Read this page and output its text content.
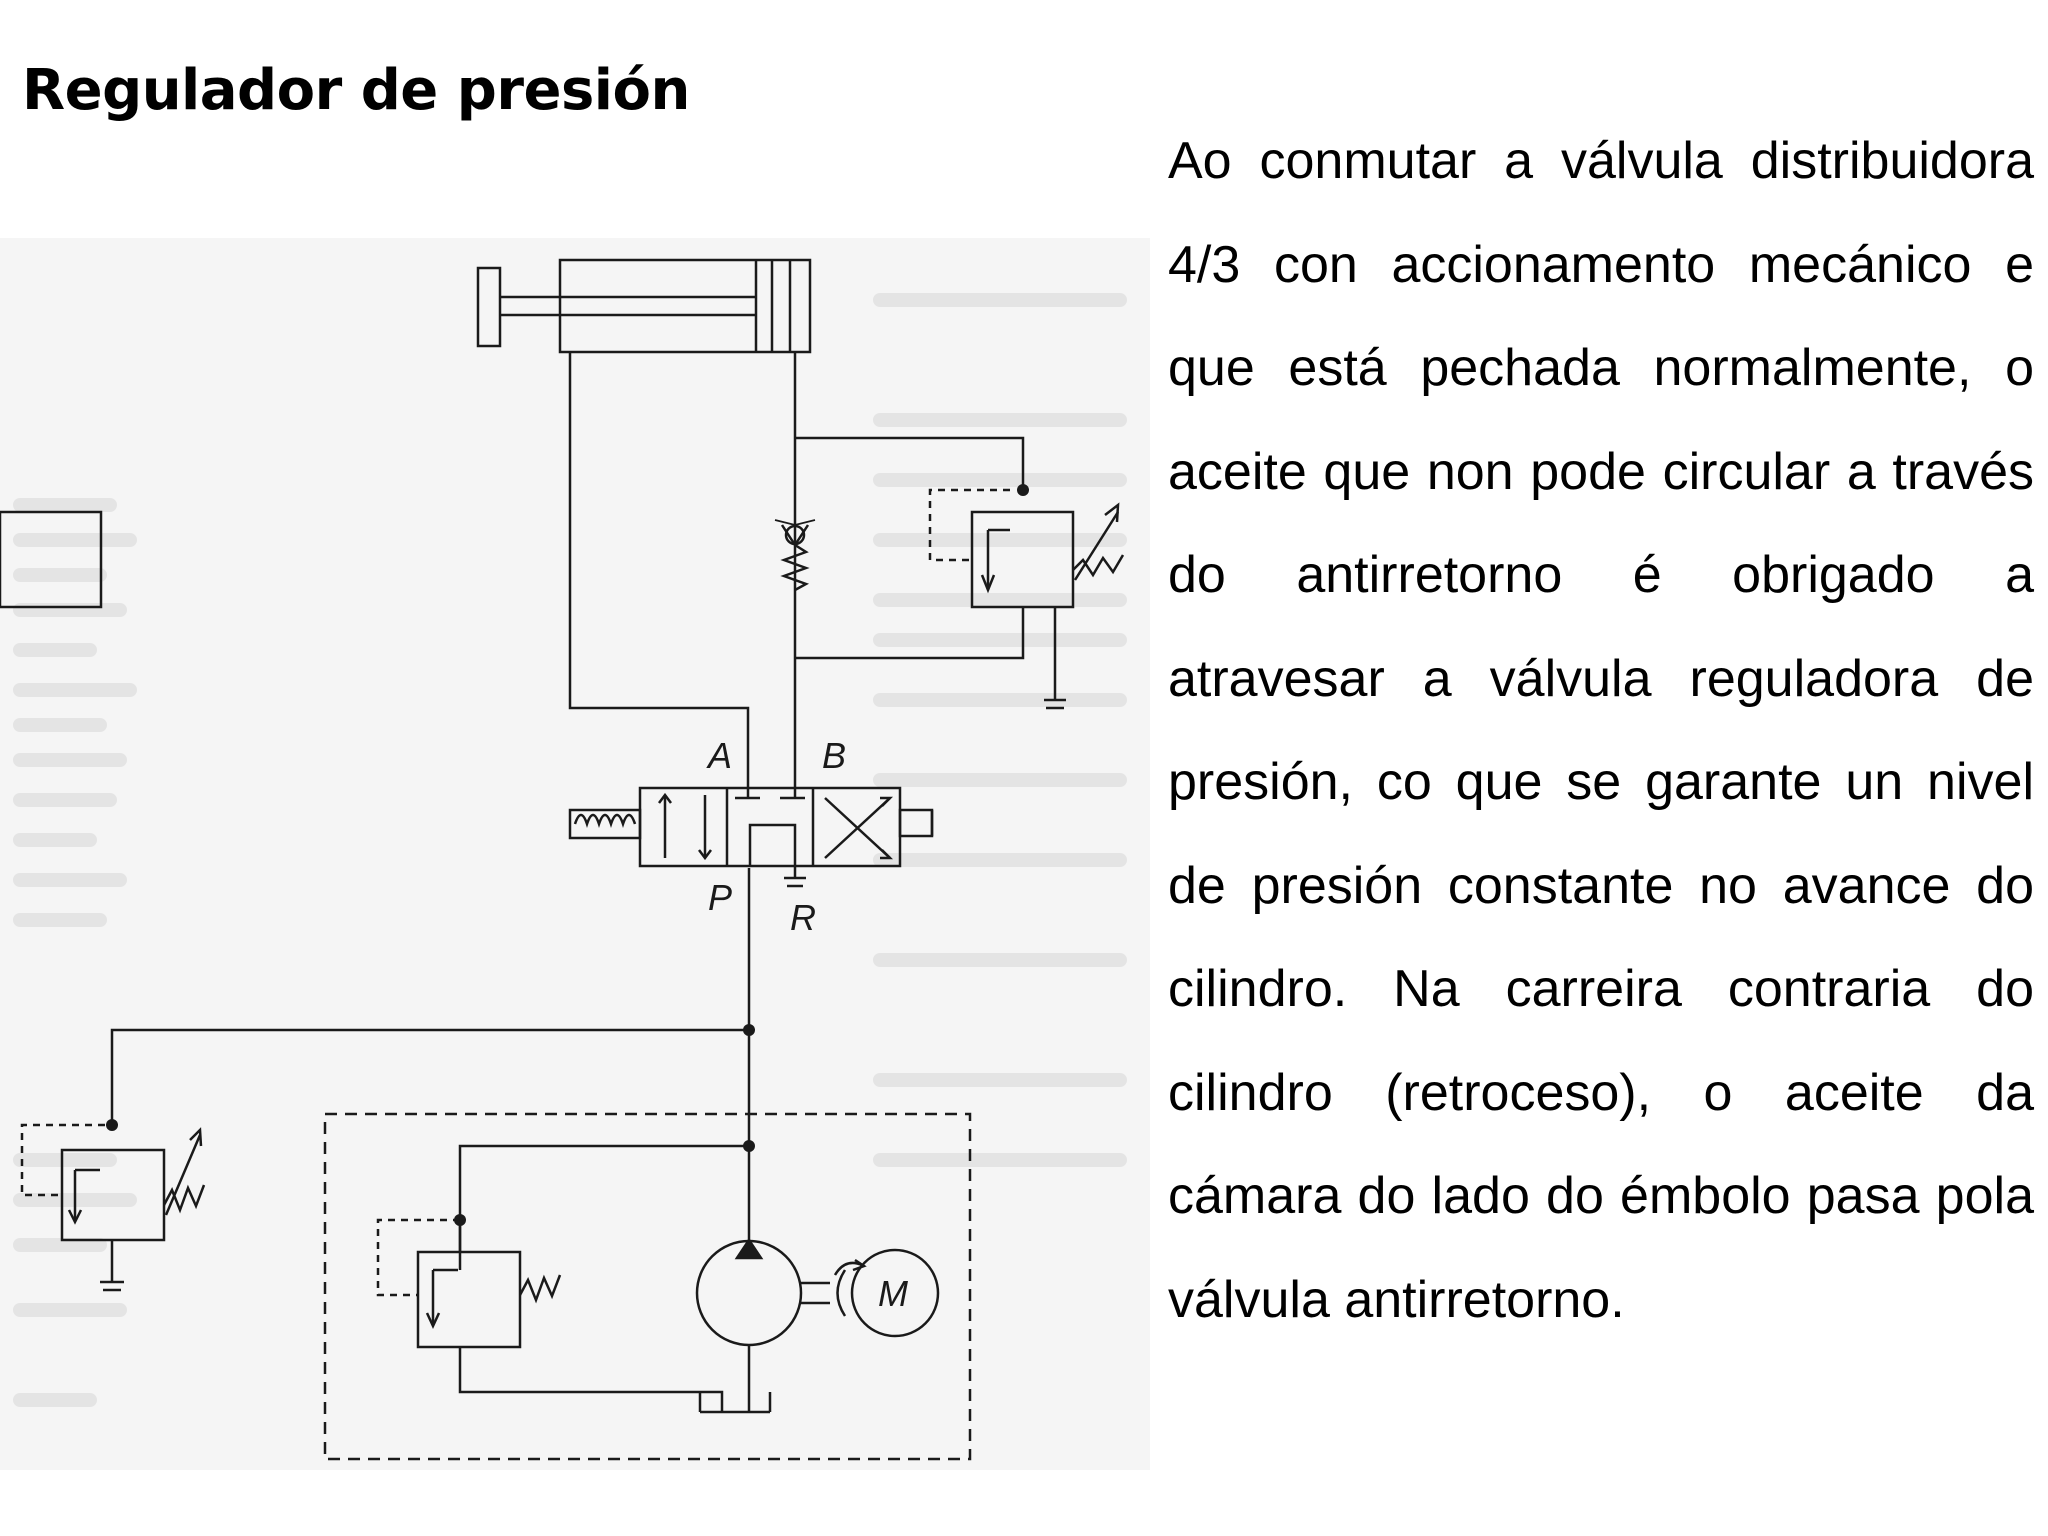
Regulador de presión
A B
P R
M

Ao conmutar a válvula distribuidora 4/3 con accionamento mecánico e que está pechada normalmente, o aceite que non pode circular a través do antirretorno é obrigado a atravesar a válvula reguladora de presión, co que se garante un nivel de presión constante no avance do cilindro. Na carreira contraria do cilindro (retroceso), o aceite da cámara do lado do émbolo pasa pola válvula antirretorno.
